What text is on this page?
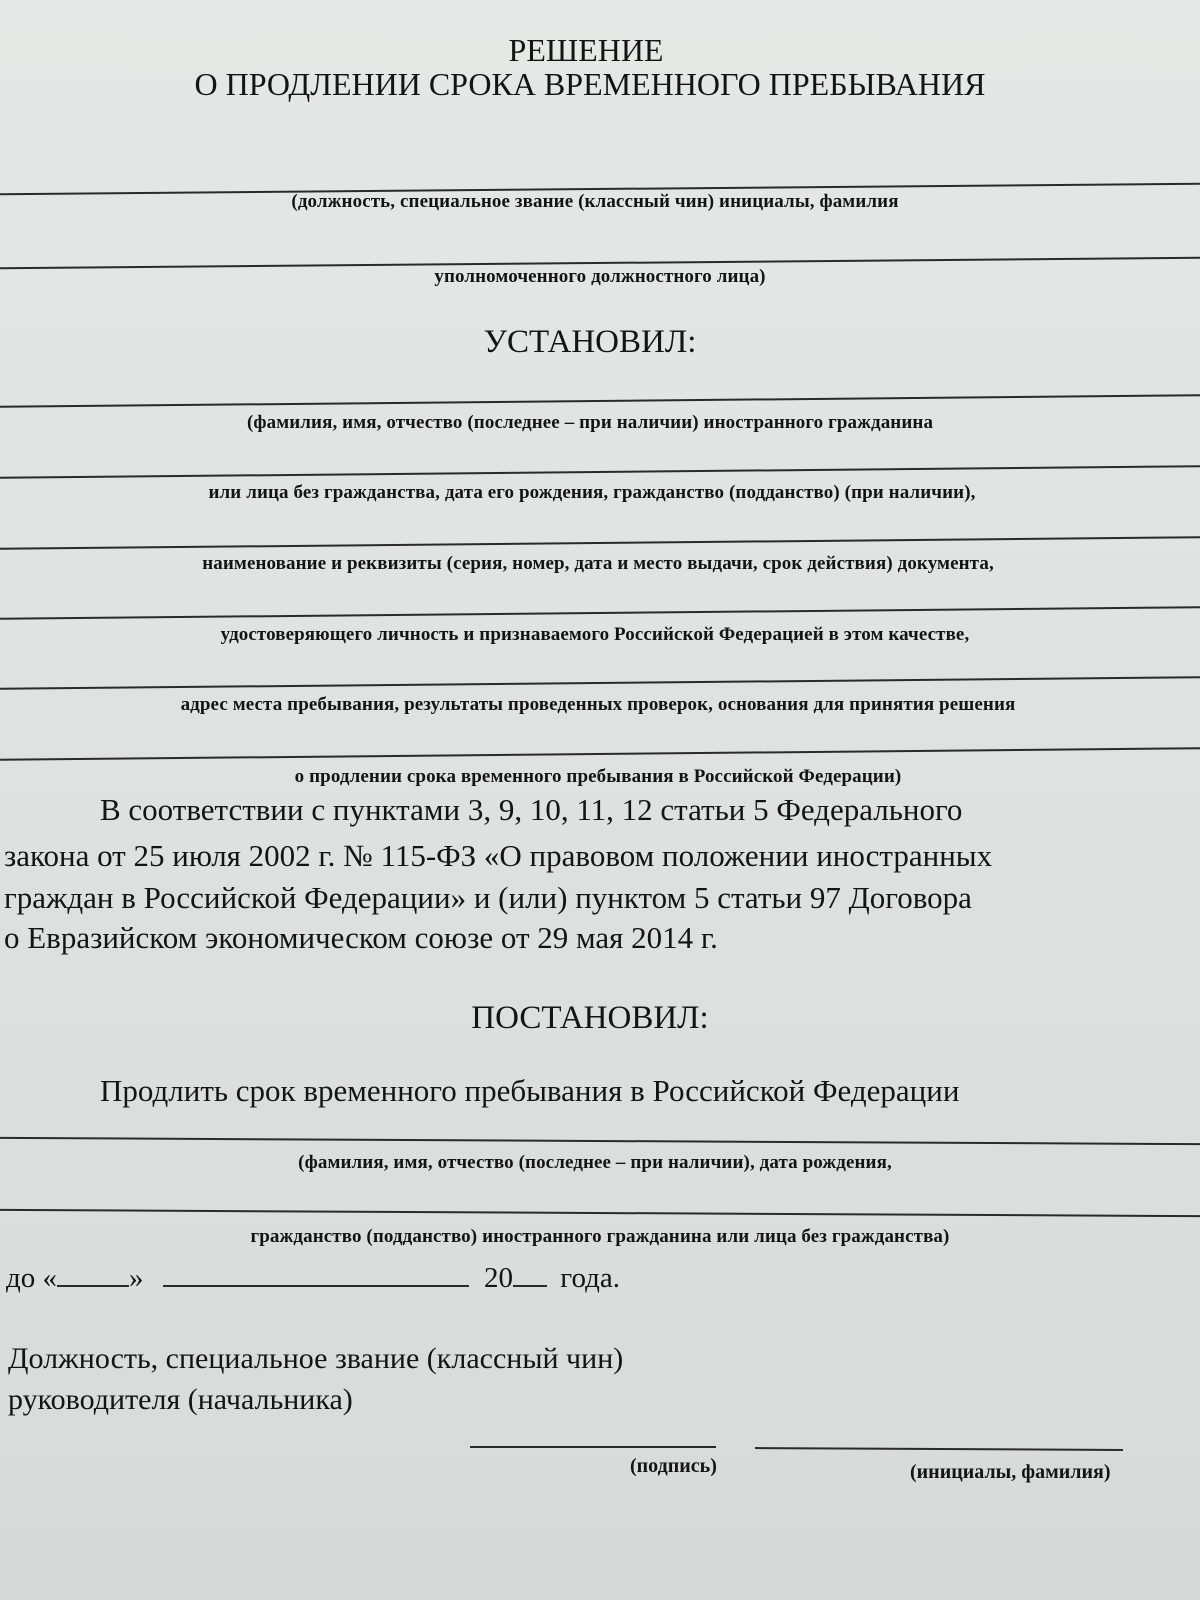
РЕШЕНИЕ
О ПРОДЛЕНИИ СРОКА ВРЕМЕННОГО ПРЕБЫВАНИЯ
(должность, специальное звание (классный чин) инициалы, фамилия
уполномоченного должностного лица)
УСТАНОВИЛ:
(фамилия, имя, отчество (последнее – при наличии) иностранного гражданина
или лица без гражданства, дата его рождения, гражданство (подданство) (при наличии),
наименование и реквизиты (серия, номер, дата и место выдачи, срок действия) документа,
удостоверяющего личность и признаваемого Российской Федерацией в этом качестве,
адрес места пребывания, результаты проведенных проверок, основания для принятия решения
о продлении срока временного пребывания в Российской Федерации)
В соответствии с пунктами 3, 9, 10, 11, 12 статьи 5 Федерального
закона от 25 июля 2002 г. № 115-ФЗ «О правовом положении иностранных
граждан в Российской Федерации» и (или) пунктом 5 статьи 97 Договора
о Евразийском экономическом союзе от 29 мая 2014 г.
ПОСТАНОВИЛ:
Продлить срок временного пребывания в Российской Федерации
(фамилия, имя, отчество (последнее – при наличии), дата рождения,
гражданство (подданство) иностранного гражданина или лица без гражданства)
до « »	20 года.
Должность, специальное звание (классный чин)
руководителя (начальника)
(подпись)	(инициалы, фамилия)
